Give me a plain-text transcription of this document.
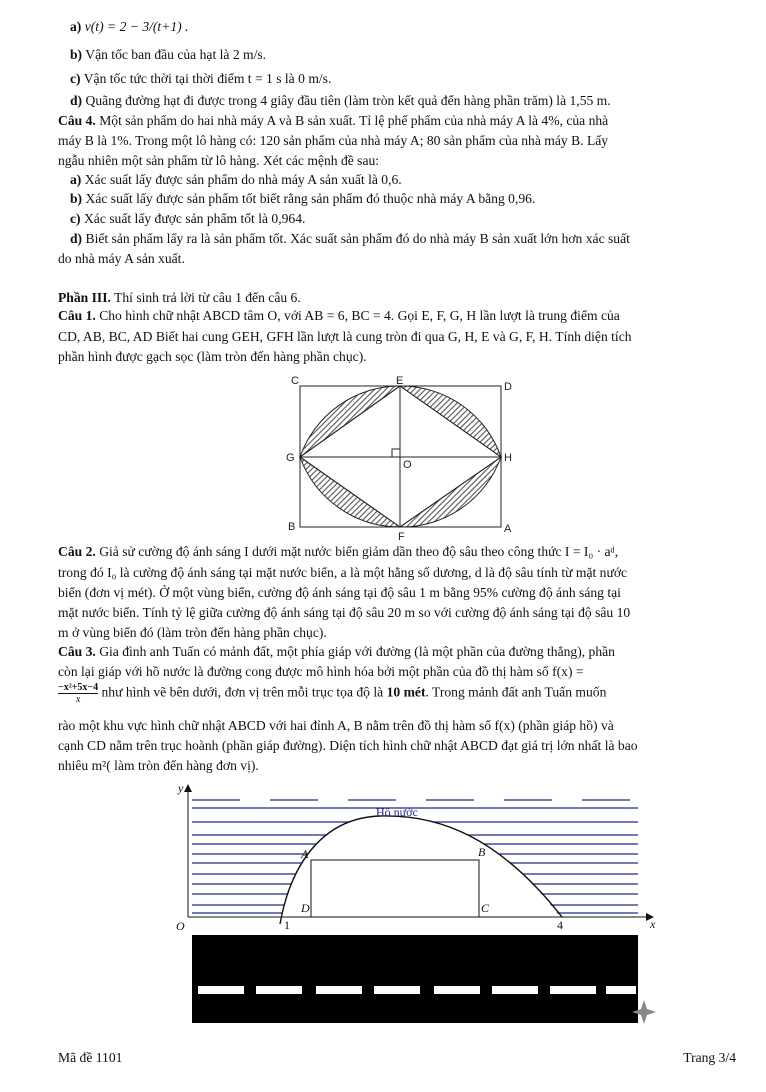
a) v(t) = 2 − 3/(t+1) .
b) Vận tốc ban đầu của hạt là 2 m/s.
c) Vận tốc tức thời tại thời điểm t = 1 s là 0 m/s.
d) Quãng đường hạt đi được trong 4 giây đầu tiên (làm tròn kết quả đến hàng phần trăm) là 1,55 m.
Câu 4. Một sản phẩm do hai nhà máy A và B sản xuất. Tỉ lệ phế phẩm của nhà máy A là 4%, của nhà
máy B là 1%. Trong một lô hàng có: 120 sản phẩm của nhà máy A; 80 sản phẩm của nhà máy B. Lấy
ngẫu nhiên một sản phẩm từ lô hàng. Xét các mệnh đề sau:
a) Xác suất lấy được sản phẩm do nhà máy A sản xuất là 0,6.
b) Xác suất lấy được sản phẩm tốt biết rằng sản phẩm đó thuộc nhà máy A bằng 0,96.
c) Xác suất lấy được sản phẩm tốt là 0,964.
d) Biết sản phẩm lấy ra là sản phẩm tốt. Xác suất sản phẩm đó do nhà máy B sản xuất lớn hơn xác suất
do nhà máy A sản xuất.
Phần III. Thí sinh trả lời từ câu 1 đến câu 6.
Câu 1. Cho hình chữ nhật ABCD tâm O, với AB = 6, BC = 4. Gọi E, F, G, H lần lượt là trung điểm của
CD, AB, BC, AD Biết hai cung GEH, GFH lần lượt là cung tròn đi qua G, H, E và G, F, H. Tính diện tích
phần hình được gạch sọc (làm tròn đến hàng phần chục).
C	E	D
G
O
H
B
F
A
Câu 2. Giả sử cường độ ánh sáng I dưới mặt nước biển giảm dần theo độ sâu theo công thức I = I₀ · aᵈ,
trong đó I₀ là cường độ ánh sáng tại mặt nước biển, a là một hằng số dương, d là độ sâu tính từ mặt nước
biển (đơn vị mét). Ở một vùng biển, cường độ ánh sáng tại độ sâu 1 m bằng 95% cường độ ánh sáng tại
mặt nước biển. Tính tỷ lệ giữa cường độ ánh sáng tại độ sâu 20 m so với cường độ ánh sáng tại độ sâu 10
m ở vùng biển đó (làm tròn đến hàng phần chục).
Câu 3. Gia đình anh Tuấn có mảnh đất, một phía giáp với đường (là một phần của đường thẳng), phần
còn lại giáp với hồ nước là đường cong được mô hình hóa bởi một phần của đồ thị hàm số f(x) =
$\frac{\text{−x²+5x−4}}{x}$ như hình vẽ bên dưới, đơn vị trên mỗi trục tọa độ là 10 mét. Trong mảnh đất anh Tuấn muốn
rào một khu vực hình chữ nhật ABCD với hai đỉnh A, B nằm trên đồ thị hàm số f(x) (phần giáp hồ) và
cạnh CD nằm trên trục hoành (phần giáp đường). Diện tích hình chữ nhật ABCD đạt giá trị lớn nhất là bao
nhiêu m²( làm tròn đến hàng đơn vị).
Hồ nước
y
x
O	1	4
A	B
C
D
Mã đề 1101	Trang 3/4
